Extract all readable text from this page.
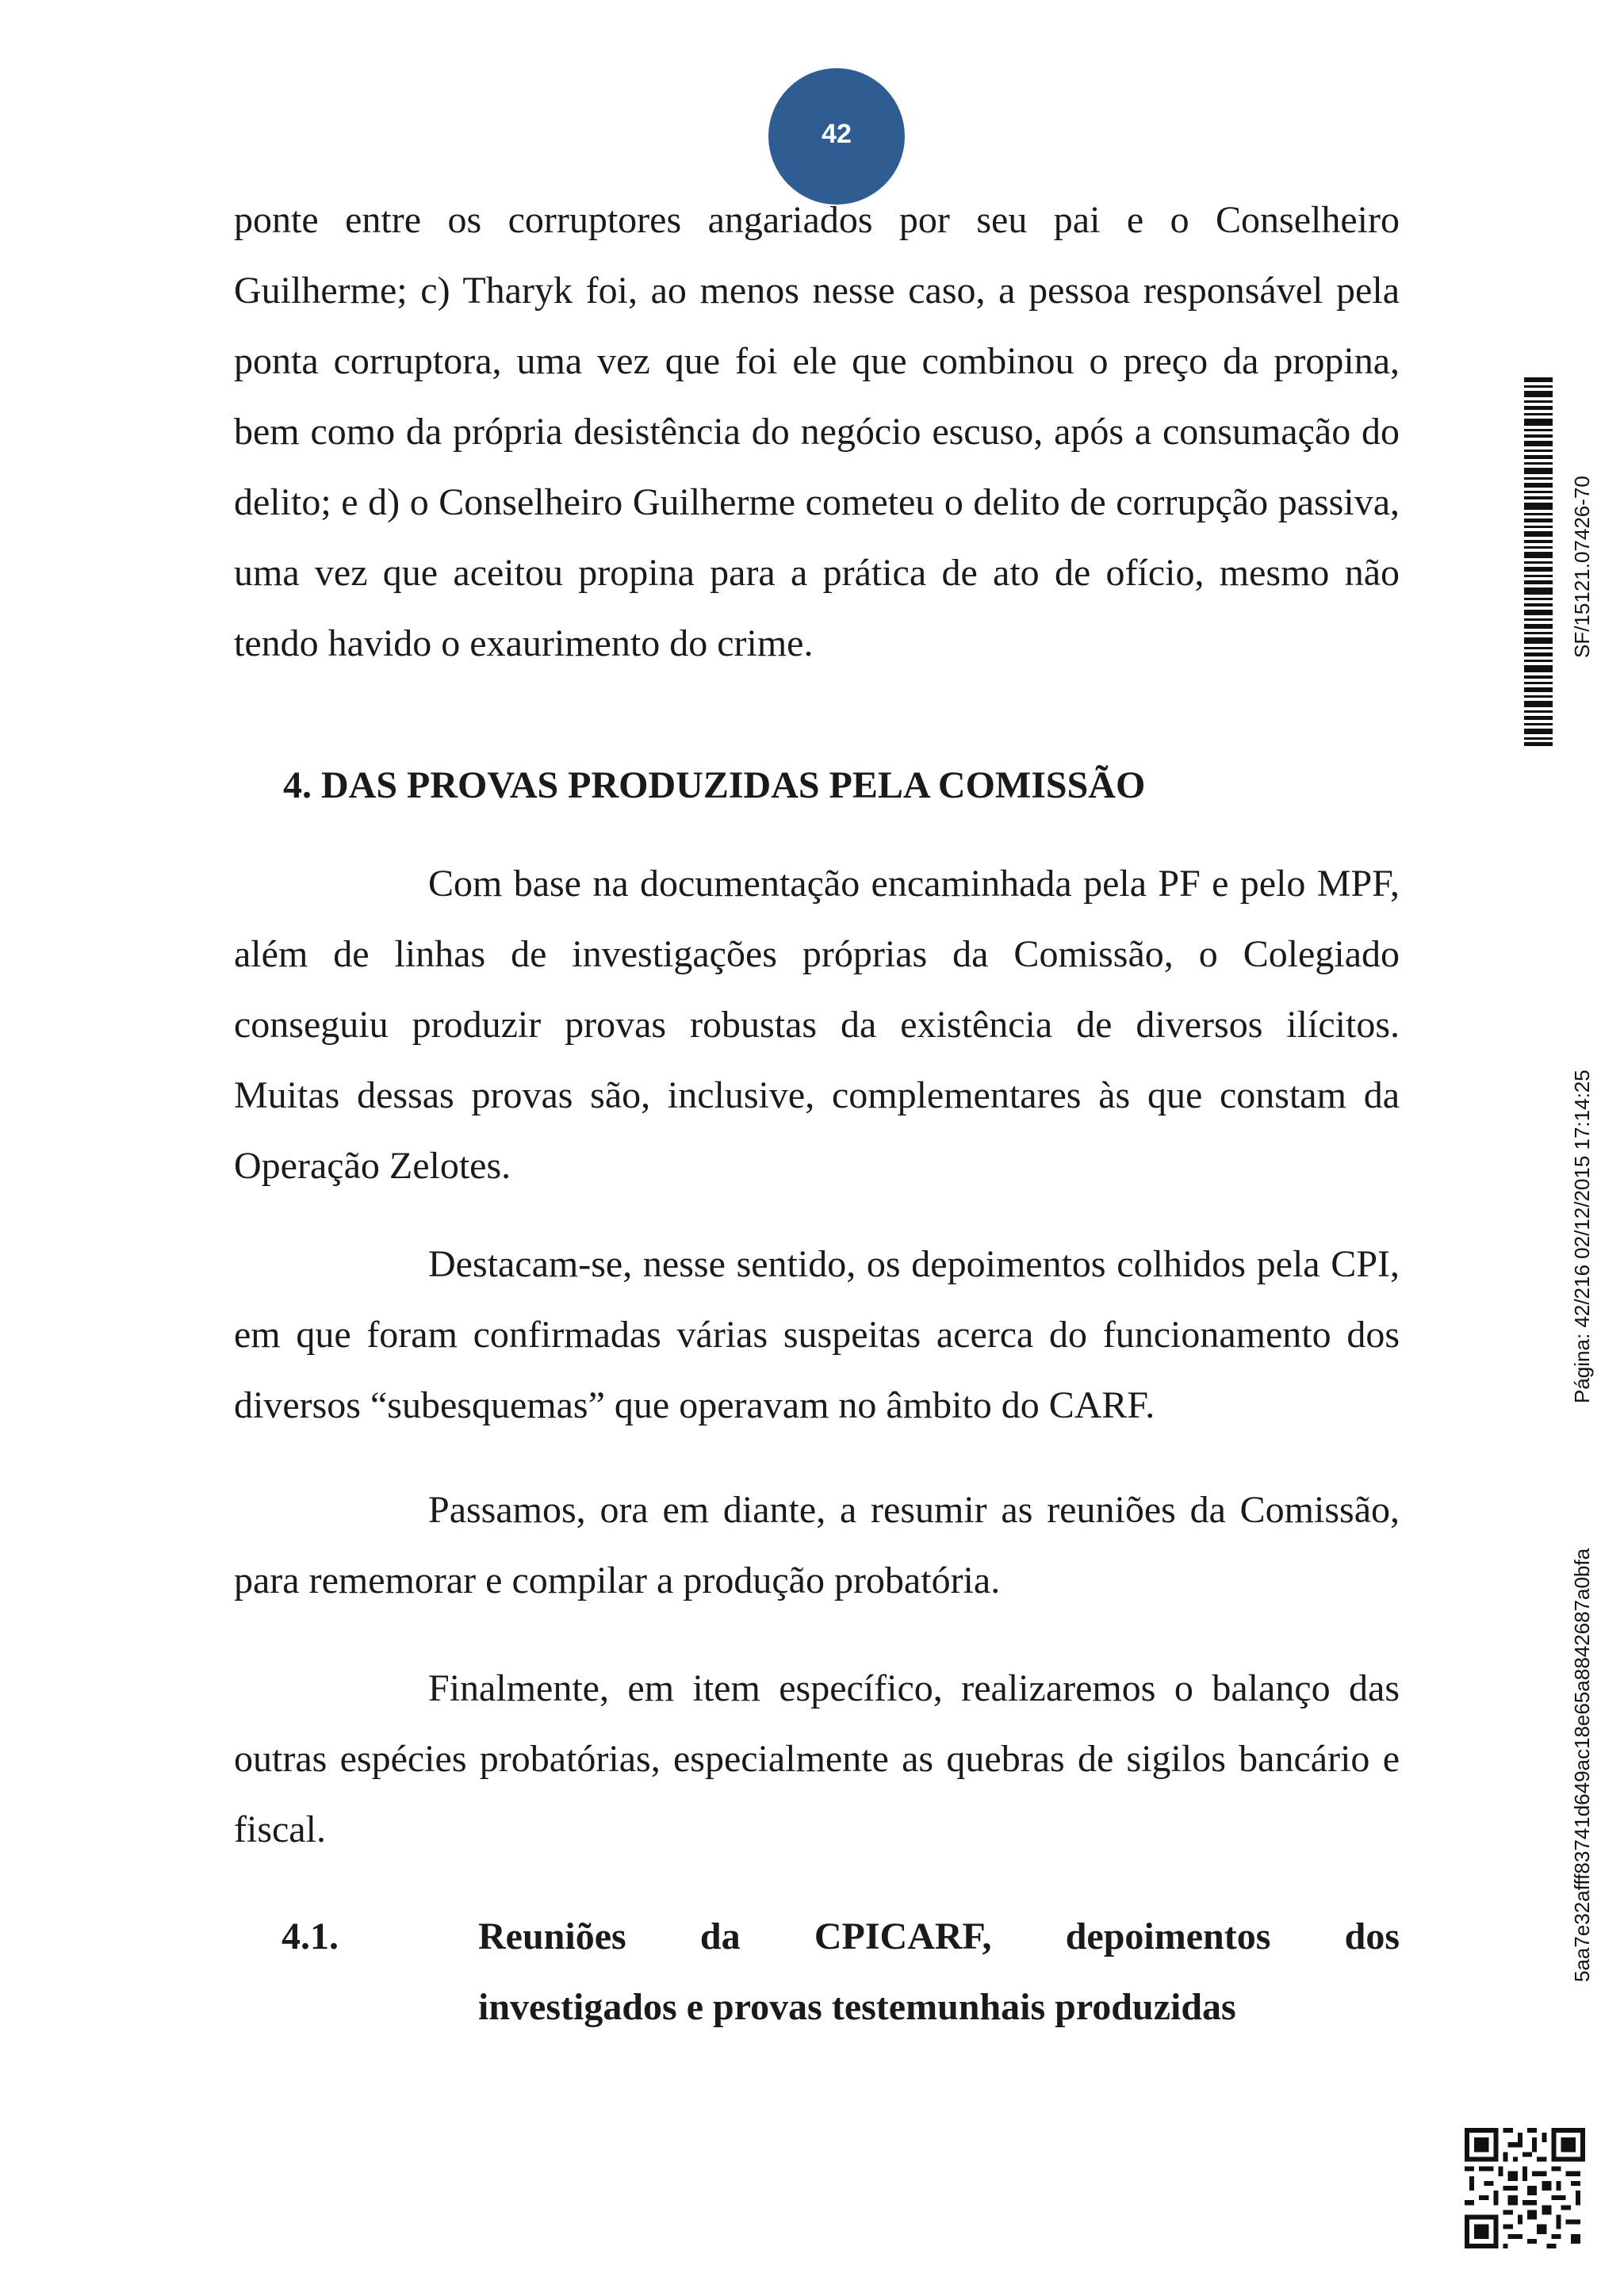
42

ponte entre os corruptores angariados por seu pai e o Conselheiro Guilherme; c) Tharyk foi, ao menos nesse caso, a pessoa responsável pela ponta corruptora, uma vez que foi ele que combinou o preço da propina, bem como da própria desistência do negócio escuso, após a consumação do delito; e d) o Conselheiro Guilherme cometeu o delito de corrupção passiva, uma vez que aceitou propina para a prática de ato de ofício, mesmo não tendo havido o exaurimento do crime.

4. DAS PROVAS PRODUZIDAS PELA COMISSÃO

Com base na documentação encaminhada pela PF e pelo MPF, além de linhas de investigações próprias da Comissão, o Colegiado conseguiu produzir provas robustas da existência de diversos ilícitos. Muitas dessas provas são, inclusive, complementares às que constam da Operação Zelotes.

Destacam-se, nesse sentido, os depoimentos colhidos pela CPI, em que foram confirmadas várias suspeitas acerca do funcionamento dos diversos “subesquemas” que operavam no âmbito do CARF.

Passamos, ora em diante, a resumir as reuniões da Comissão, para rememorar e compilar a produção probatória.

Finalmente, em item específico, realizaremos o balanço das outras espécies probatórias, especialmente as quebras de sigilos bancário e fiscal.

4.1.	Reuniões da CPICARF, depoimentos dos
investigados e provas testemunhais produzidas
SF/15121.07426-70
Página: 42/216 02/12/2015 17:14:25
5aa7e32afff83741d649ac18e65a8842687a0bfa
